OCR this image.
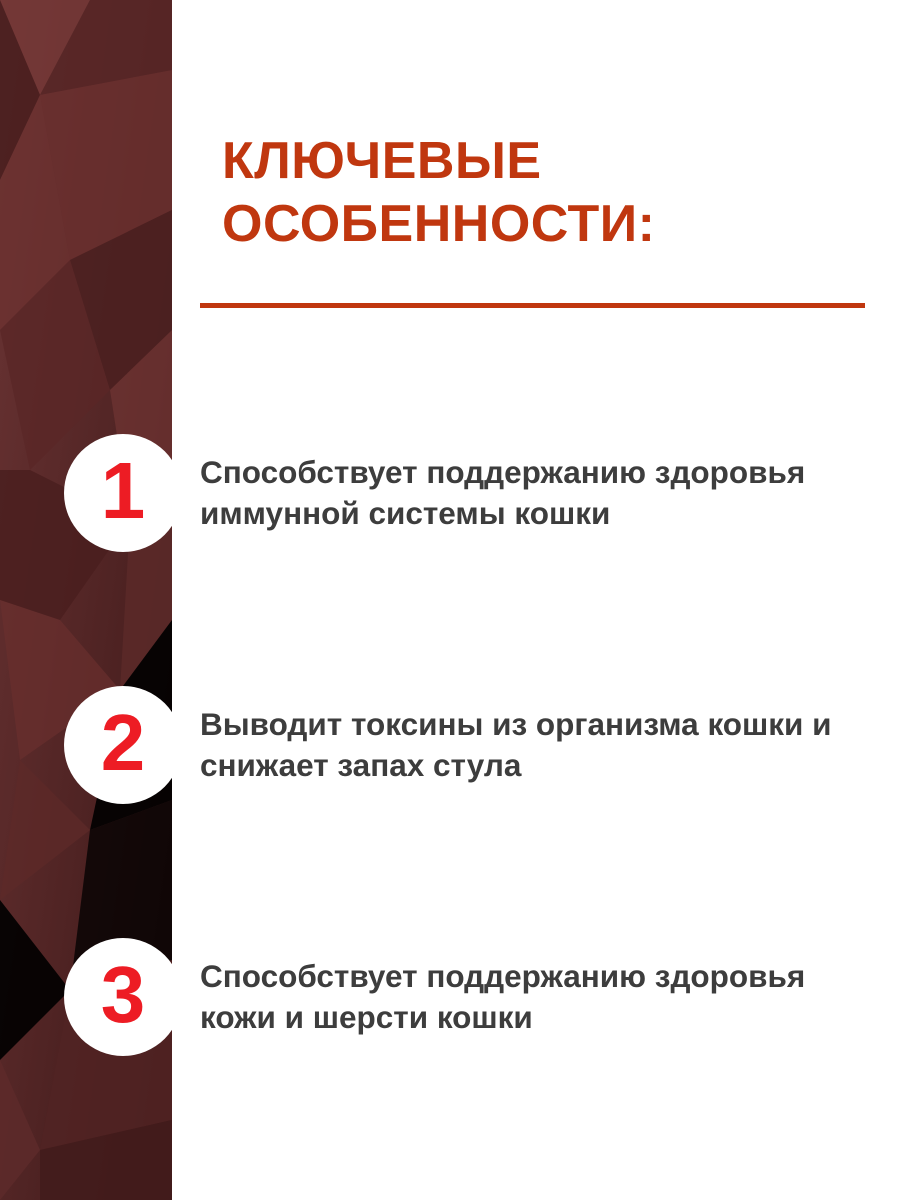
КЛЮЧЕВЫЕ
ОСОБЕННОСТИ:
1 Способствует поддержанию здоровья иммунной системы кошки
2 Выводит токсины из организма кошки и снижает запах стула
3 Способствует поддержанию здоровья кожи и шерсти кошки
